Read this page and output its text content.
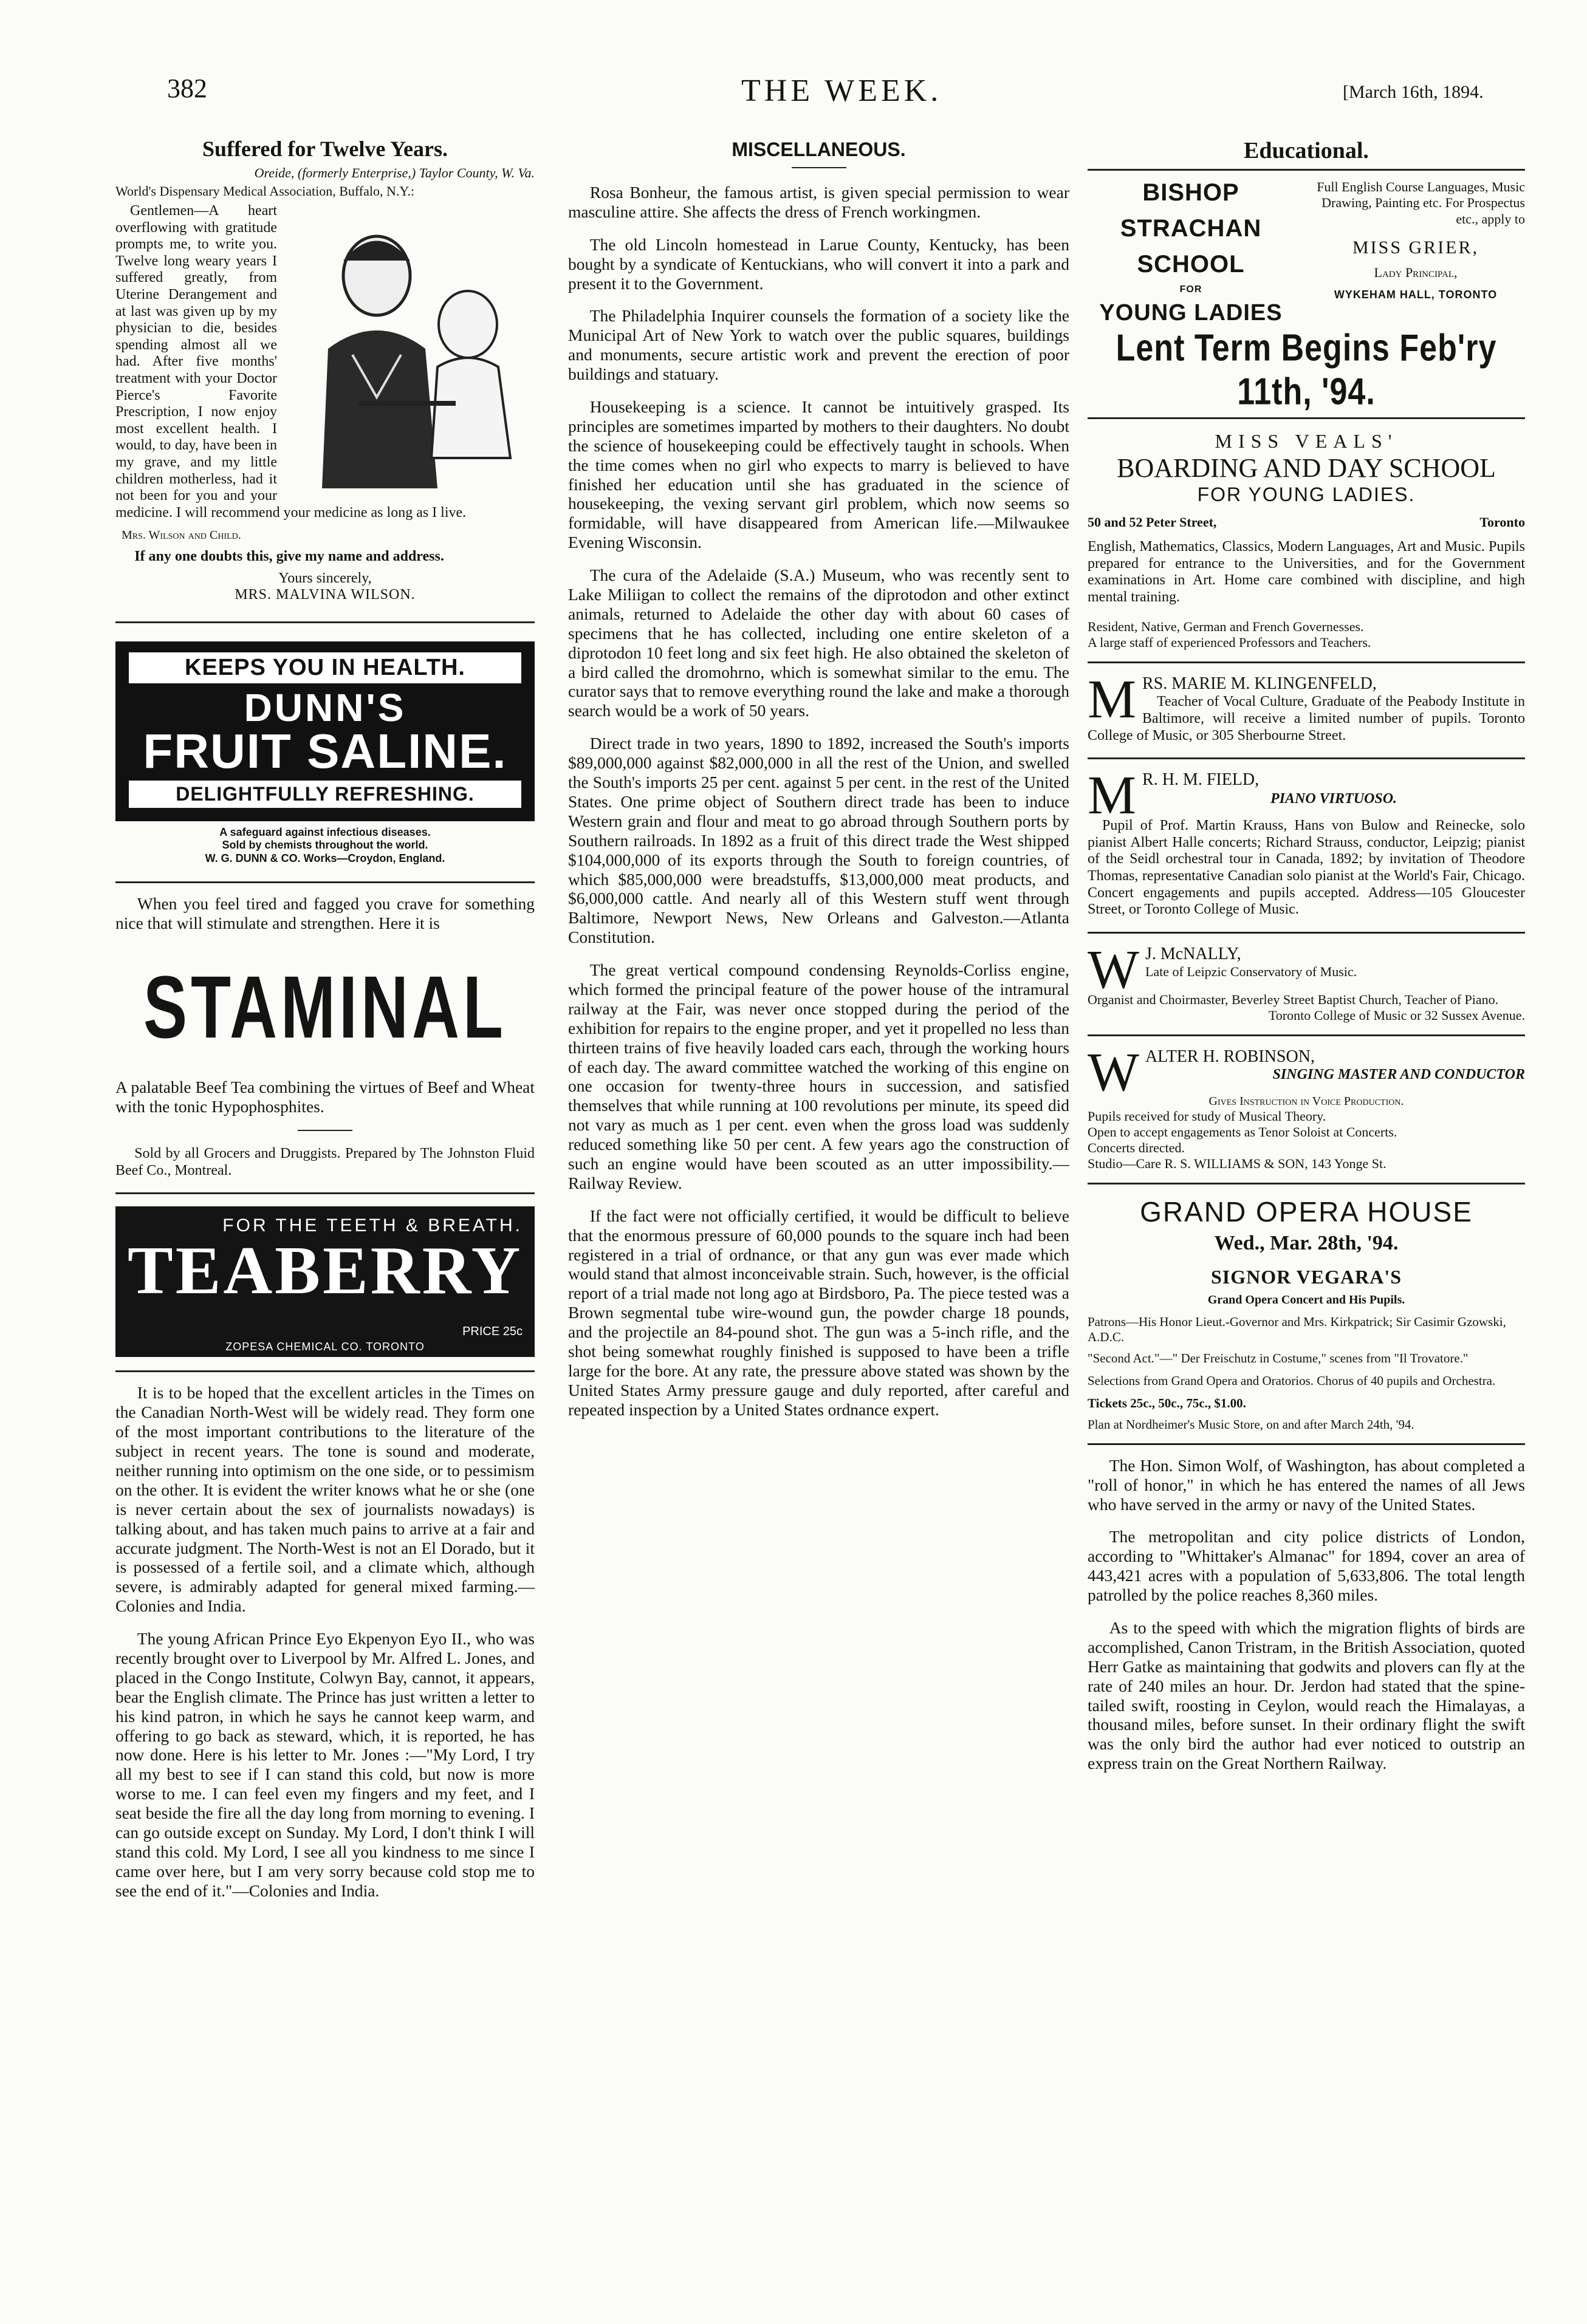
382	THE WEEK.	[March 16th, 1894.
Suffered for Twelve Years.
Oreide, (formerly Enterprise,) Taylor County, W. Va.
World's Dispensary Medical Association, Buffalo, N.Y.:

Gentlemen—A heart overflowing with gratitude prompts me, to write you. Twelve long weary years I suffered greatly, from Uterine Derangement and at last was given up by my physician to die, besides spending almost all we had. After five months' treatment with your Doctor Pierce's Favorite Prescription, I now enjoy most excellent health. I would, to day, have been in my grave, and my little children motherless, had it not been for you and your medicine. I will recommend your medicine as long as I live.

Mrs. Wilson and Child.

If any one doubts this, give my name and address.

Yours sincerely,
MRS. MALVINA WILSON.
KEEPS YOU IN HEALTH.
DUNN'S
FRUIT SALINE.
DELIGHTFULLY REFRESHING.
A safeguard against infectious diseases.
Sold by chemists throughout the world.
W. G. DUNN & CO. Works—Croydon, England.

When you feel tired and fagged you crave for something nice that will stimulate and strengthen. Here it is

STAMINAL

A palatable Beef Tea combining the virtues of Beef and Wheat with the tonic Hypophosphites.

Sold by all Grocers and Druggists. Prepared by The Johnston Fluid Beef Co., Montreal.

FOR THE TEETH & BREATH.
TEABERRY
PRICE 25c
ZOPESA CHEMICAL CO. TORONTO

It is to be hoped that the excellent articles in the Times on the Canadian North-West will be widely read. They form one of the most important contributions to the literature of the subject in recent years. The tone is sound and moderate, neither running into optimism on the one side, or to pessimism on the other. It is evident the writer knows what he or she (one is never certain about the sex of journalists nowadays) is talking about, and has taken much pains to arrive at a fair and accurate judgment. The North-West is not an El Dorado, but it is possessed of a fertile soil, and a climate which, although severe, is admirably adapted for general mixed farming.—Colonies and India.

The young African Prince Eyo Ekpenyon Eyo II., who was recently brought over to Liverpool by Mr. Alfred L. Jones, and placed in the Congo Institute, Colwyn Bay, cannot, it appears, bear the English climate. The Prince has just written a letter to his kind patron, in which he says he cannot keep warm, and offering to go back as steward, which, it is reported, he has now done. Here is his letter to Mr. Jones :—"My Lord, I try all my best to see if I can stand this cold, but now is more worse to me. I can feel even my fingers and my feet, and I seat beside the fire all the day long from morning to evening. I can go outside except on Sunday. My Lord, I don't think I will stand this cold. My Lord, I see all you kindness to me since I came over here, but I am very sorry because cold stop me to see the end of it."—Colonies and India.

MISCELLANEOUS.

Rosa Bonheur, the famous artist, is given special permission to wear masculine attire. She affects the dress of French workingmen.

The old Lincoln homestead in Larue County, Kentucky, has been bought by a syndicate of Kentuckians, who will convert it into a park and present it to the Government.

The Philadelphia Inquirer counsels the formation of a society like the Municipal Art of New York to watch over the public squares, buildings and monuments, secure artistic work and prevent the erection of poor buildings and statuary.

Housekeeping is a science. It cannot be intuitively grasped. Its principles are sometimes imparted by mothers to their daughters. No doubt the science of housekeeping could be effectively taught in schools. When the time comes when no girl who expects to marry is believed to have finished her education until she has graduated in the science of housekeeping, the vexing servant girl problem, which now seems so formidable, will have disappeared from American life.—Milwaukee Evening Wisconsin.

The cura of the Adelaide (S.A.) Museum, who was recently sent to Lake Miliigan to collect the remains of the diprotodon and other extinct animals, returned to Adelaide the other day with about 60 cases of specimens that he has collected, including one entire skeleton of a diprotodon 10 feet long and six feet high. He also obtained the skeleton of a bird called the dromohrno, which is somewhat similar to the emu. The curator says that to remove everything round the lake and make a thorough search would be a work of 50 years.

Direct trade in two years, 1890 to 1892, increased the South's imports $89,000,000 against $82,000,000 in all the rest of the Union, and swelled the South's imports 25 per cent. against 5 per cent. in the rest of the United States. One prime object of Southern direct trade has been to induce Western grain and flour and meat to go abroad through Southern ports by Southern railroads. In 1892 as a fruit of this direct trade the West shipped $104,000,000 of its exports through the South to foreign countries, of which $85,000,000 were breadstuffs, $13,000,000 meat products, and $6,000,000 cattle. And nearly all of this Western stuff went through Baltimore, Newport News, New Orleans and Galveston.—Atlanta Constitution.

The great vertical compound condensing Reynolds-Corliss engine, which formed the principal feature of the power house of the intramural railway at the Fair, was never once stopped during the period of the exhibition for repairs to the engine proper, and yet it propelled no less than thirteen trains of five heavily loaded cars each, through the working hours of each day. The award committee watched the working of this engine on one occasion for twenty-three hours in succession, and satisfied themselves that while running at 100 revolutions per minute, its speed did not vary as much as 1 per cent. even when the gross load was suddenly reduced something like 50 per cent. A few years ago the construction of such an engine would have been scouted as an utter impossibility.—Railway Review.

If the fact were not officially certified, it would be difficult to believe that the enormous pressure of 60,000 pounds to the square inch had been registered in a trial of ordnance, or that any gun was ever made which would stand that almost inconceivable strain. Such, however, is the official report of a trial made not long ago at Birdsboro, Pa. The piece tested was a Brown segmental tube wire-wound gun, the powder charge 18 pounds, and the projectile an 84-pound shot. The gun was a 5-inch rifle, and the shot being somewhat roughly finished is supposed to have been a trifle large for the bore. At any rate, the pressure above stated was shown by the United States Army pressure gauge and duly reported, after careful and repeated inspection by a United States ordnance expert.

Educational.
BISHOP
STRACHAN
SCHOOL
FOR
YOUNG LADIES
Full English Course Languages, Music Drawing, Painting etc. For Prospectus etc., apply to
MISS GRIER,
Lady Principal,
WYKEHAM HALL, TORONTO
Lent Term Begins Feb'ry 11th, '94.
MISS VEALS'
BOARDING AND DAY SCHOOL
FOR YOUNG LADIES.
50 and 52 Peter Street,	Toronto

English, Mathematics, Classics, Modern Languages, Art and Music. Pupils prepared for entrance to the Universities, and for the Government examinations in Art. Home care combined with discipline, and high mental training.

Resident, Native, German and French Governesses.
A large staff of experienced Professors and Teachers.
M RS. MARIE M. KLINGENFELD,

Teacher of Vocal Culture, Graduate of the Peabody Institute in Baltimore, will receive a limited number of pupils. Toronto College of Music, or 305 Sherbourne Street.

M R. H. M. FIELD,
PIANO VIRTUOSO.

Pupil of Prof. Martin Krauss, Hans von Bulow and Reinecke, solo pianist Albert Halle concerts; Richard Strauss, conductor, Leipzig; pianist of the Seidl orchestral tour in Canada, 1892; by invitation of Theodore Thomas, representative Canadian solo pianist at the World's Fair, Chicago. Concert engagements and pupils accepted. Address—105 Gloucester Street, or Toronto College of Music.

W J. McNALLY,
Late of Leipzic Conservatory of Music.
Organist and Choirmaster, Beverley Street Baptist Church, Teacher of Piano.
Toronto College of Music or 32 Sussex Avenue.
W ALTER H. ROBINSON,
SINGING MASTER AND CONDUCTOR
Gives Instruction in Voice Production.
Pupils received for study of Musical Theory.
Open to accept engagements as Tenor Soloist at Concerts.
Concerts directed.
Studio—Care R. S. WILLIAMS & SON, 143 Yonge St.
GRAND OPERA HOUSE
Wed., Mar. 28th, '94.
SIGNOR VEGARA'S
Grand Opera Concert and His Pupils.
Patrons—His Honor Lieut.-Governor and Mrs. Kirkpatrick; Sir Casimir Gzowski, A.D.C.
"Second Act."—" Der Freischutz in Costume," scenes from "Il Trovatore."
Selections from Grand Opera and Oratorios. Chorus of 40 pupils and Orchestra.
Tickets 25c., 50c., 75c., $1.00.
Plan at Nordheimer's Music Store, on and after March 24th, '94.

The Hon. Simon Wolf, of Washington, has about completed a "roll of honor," in which he has entered the names of all Jews who have served in the army or navy of the United States.

The metropolitan and city police districts of London, according to "Whittaker's Almanac" for 1894, cover an area of 443,421 acres with a population of 5,633,806. The total length patrolled by the police reaches 8,360 miles.

As to the speed with which the migration flights of birds are accomplished, Canon Tristram, in the British Association, quoted Herr Gatke as maintaining that godwits and plovers can fly at the rate of 240 miles an hour. Dr. Jerdon had stated that the spine-tailed swift, roosting in Ceylon, would reach the Himalayas, a thousand miles, before sunset. In their ordinary flight the swift was the only bird the author had ever noticed to outstrip an express train on the Great Northern Railway.
